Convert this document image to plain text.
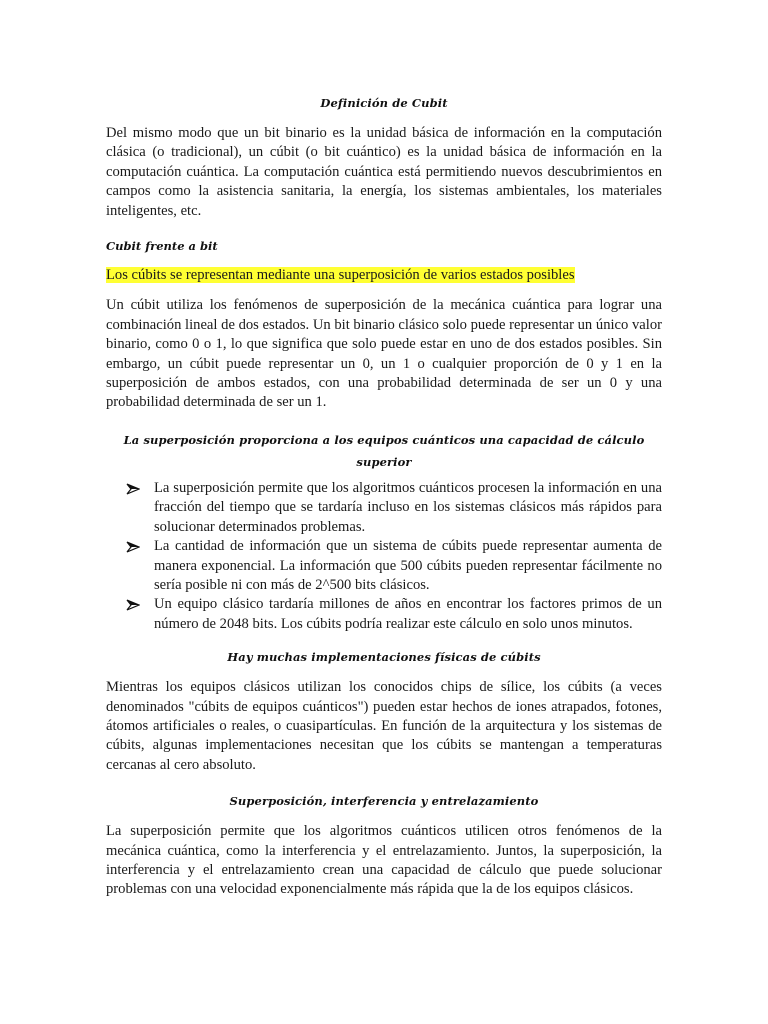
Definición de Cubit

Del mismo modo que un bit binario es la unidad básica de información en la computación clásica (o tradicional), un cúbit (o bit cuántico) es la unidad básica de información en la computación cuántica. La computación cuántica está permitiendo nuevos descubrimientos en campos como la asistencia sanitaria, la energía, los sistemas ambientales, los materiales inteligentes, etc.

Cubit frente a bit

Los cúbits se representan mediante una superposición de varios estados posibles

Un cúbit utiliza los fenómenos de superposición de la mecánica cuántica para lograr una combinación lineal de dos estados. Un bit binario clásico solo puede representar un único valor binario, como 0 o 1, lo que significa que solo puede estar en uno de dos estados posibles. Sin embargo, un cúbit puede representar un 0, un 1 o cualquier proporción de 0 y 1 en la superposición de ambos estados, con una probabilidad determinada de ser un 0 y una probabilidad determinada de ser un 1.

La superposición proporciona a los equipos cuánticos una capacidad de cálculo

superior

La superposición permite que los algoritmos cuánticos procesen la información en una fracción del tiempo que se tardaría incluso en los sistemas clásicos más rápidos para solucionar determinados problemas.
La cantidad de información que un sistema de cúbits puede representar aumenta de manera exponencial. La información que 500 cúbits pueden representar fácilmente no sería posible ni con más de 2^500 bits clásicos.
Un equipo clásico tardaría millones de años en encontrar los factores primos de un número de 2048 bits. Los cúbits podría realizar este cálculo en solo unos minutos.

Hay muchas implementaciones físicas de cúbits

Mientras los equipos clásicos utilizan los conocidos chips de sílice, los cúbits (a veces denominados "cúbits de equipos cuánticos") pueden estar hechos de iones atrapados, fotones, átomos artificiales o reales, o cuasipartículas. En función de la arquitectura y los sistemas de cúbits, algunas implementaciones necesitan que los cúbits se mantengan a temperaturas cercanas al cero absoluto.

Superposición, interferencia y entrelazamiento

La superposición permite que los algoritmos cuánticos utilicen otros fenómenos de la mecánica cuántica, como la interferencia y el entrelazamiento. Juntos, la superposición, la interferencia y el entrelazamiento crean una capacidad de cálculo que puede solucionar problemas con una velocidad exponencialmente más rápida que la de los equipos clásicos.
